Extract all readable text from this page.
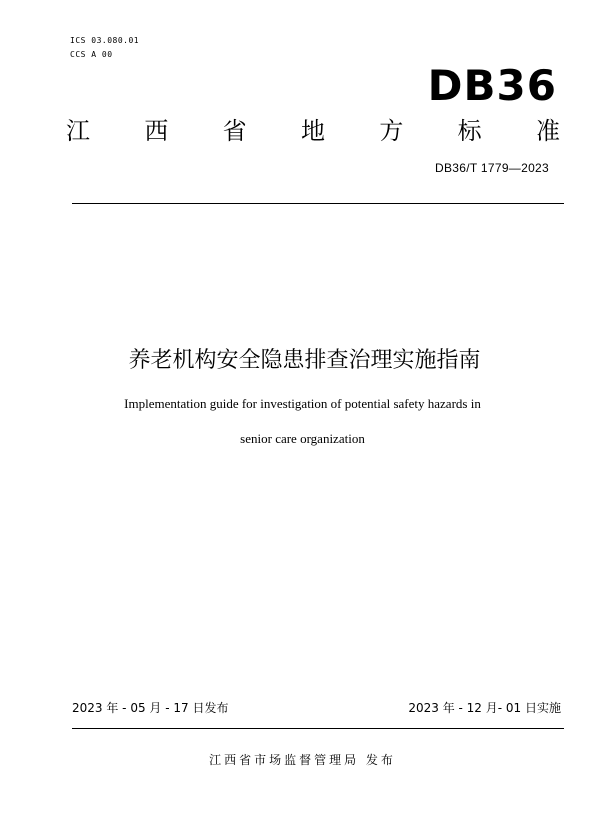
ICS 03.080.01
CCS A 00
DB36
江 西 省 地 方 标 准
DB36/T 1779—2023
养老机构安全隐患排查治理实施指南
Implementation guide for investigation of potential safety hazards in
senior care organization
2023 年 - 05 月 - 17 日发布	2023 年 - 12 月- 01 日实施
江西省市场监督管理局 发布
